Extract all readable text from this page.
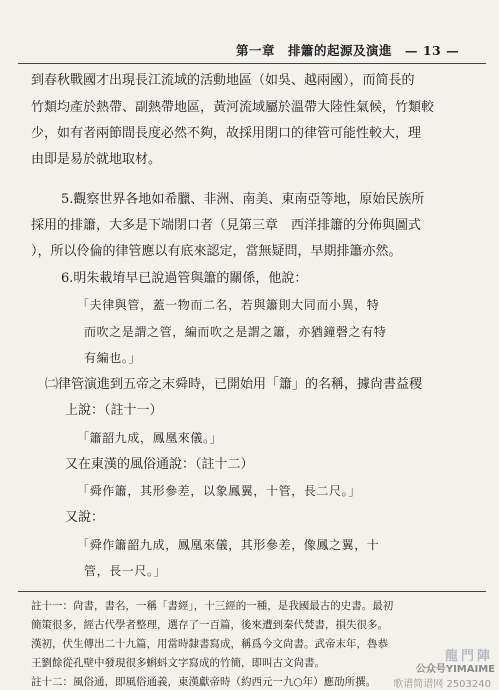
第一章　排簫的起源及演進　— 13 —
到春秋戰國才出現長江流域的活動地區（如吳、越兩國），而简長的
竹類均產於熱帶、副熱帶地區，黃河流域屬於溫帶大陸性氣候，竹類較
少，如有者兩節間長度必然不夠，故採用閉口的律管可能性較大，理
由即是易於就地取材。
5.觀察世界各地如希臘、非洲、南美、東南亞等地，原始民族所
採用的排簫，大多是下端閉口者（見第三章　西洋排簫的分佈與圖式
），所以伶倫的律管應以有底來認定，當無疑問，早期排簫亦然。
6.明朱載堉早已說過管與簫的關係，他說：
「夫律與管，蓋一物而二名，若與簫則大同而小異，特
而吹之是謂之管，編而吹之是謂之簫，亦猶鐘磬之有特
有編也。」
㈡律管演進到五帝之末舜時，已開始用「簫」的名稱，據尙書益稷
上說：（註十一）
「簫韶九成，鳳凰來儀。」
又在東漢的風俗通說：（註十二）
「舜作簫，其形參差，以象鳳翼，十管，長二尺。」
又說：
「舜作簫韶九成，鳳凰來儀，其形參差，像鳳之翼，十
管，長一尺。」
註十一：尙書，書名，一稱「書經」，十三經的一種，是我國最古的史書。最初
簡策很多，經古代學者整理，選存了一百篇，後來遭到秦代焚書，損失很多。
漢初，伏生傳出二十九篇，用當時隸書寫成，稱爲今文尙書。武帝末年，魯恭
王劉餘從孔壁中發現很多蝌蚪文字寫成的竹簡，即叫古文尙書。
註十二：風俗通，即風俗通義，東漢獻帝時（約西元一九○年）應劭所撰。
龍門陣
公众号YIMAIME
歌谱简谱网 2503240
